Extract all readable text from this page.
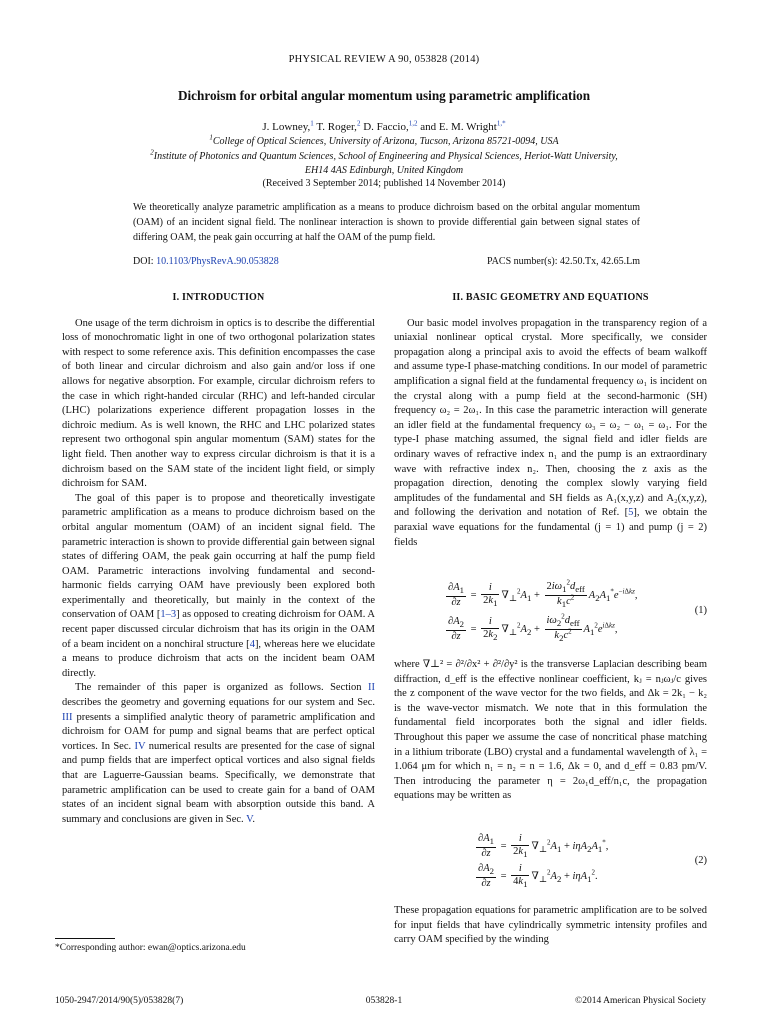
PHYSICAL REVIEW A 90, 053828 (2014)
Dichroism for orbital angular momentum using parametric amplification
J. Lowney,$^1$ T. Roger,$^2$ D. Faccio,$^{1,2}$ and E. M. Wright$^{1,*}$
$^1$College of Optical Sciences, University of Arizona, Tucson, Arizona 85721-0094, USA
$^2$Institute of Photonics and Quantum Sciences, School of Engineering and Physical Sciences, Heriot-Watt University,
EH14 4AS Edinburgh, United Kingdom
(Received 3 September 2014; published 14 November 2014)
We theoretically analyze parametric amplification as a means to produce dichroism based on the orbital angular momentum (OAM) of an incident signal field. The nonlinear interaction is shown to provide differential gain between signal states of differing OAM, the peak gain occurring at half the OAM of the pump field.
DOI: 10.1103/PhysRevA.90.053828	PACS number(s): 42.50.Tx, 42.65.Lm
I. INTRODUCTION

One usage of the term dichroism in optics is to describe the differential loss of monochromatic light in one of two orthogonal polarization states with respect to some reference axis. This definition encompasses the case of both linear and circular dichroism and also gain and/or loss if one allows for negative absorption. For example, circular dichroism refers to the case in which right-handed circular (RHC) and left-handed circular (LHC) polarizations experience different propagation losses in the dichroic medium. As is well known, the RHC and LHC polarized states represent two orthogonal spin angular momentum (SAM) states for the light field. Then another way to express circular dichroism is that it is a dichroism based on the SAM state of the incident light field, or simply dichroism for SAM.

The goal of this paper is to propose and theoretically investigate parametric amplification as a means to produce dichroism based on the orbital angular momentum (OAM) of an incident signal field. The parametric interaction is shown to provide differential gain between signal states of differing OAM, the peak gain occurring at half the pump field OAM. Parametric interactions involving fundamental and second-harmonic fields carrying OAM have previously been explored both experimentally and theoretically, but mainly in the context of the conservation of OAM [1–3] as opposed to creating dichroism for OAM. A recent paper discussed circular dichroism that has its origin in the OAM of a beam incident on a nonchiral structure [4], whereas here we elucidate a means to produce dichroism that acts on the incident beam OAM directly.

The remainder of this paper is organized as follows. Section II describes the geometry and governing equations for our system and Sec. III presents a simplified analytic theory of parametric amplification and dichroism for OAM for pump and signal beams that are perfect optical vortices. In Sec. IV numerical results are presented for the case of signal and pump fields that are imperfect optical vortices and also signal fields that are Laguerre-Gaussian beams. Specifically, we demonstrate that parametric amplification can be used to create gain for a band of OAM states of an incident signal beam with absorption outside this band. A summary and conclusions are given in Sec. V.

II. BASIC GEOMETRY AND EQUATIONS

Our basic model involves propagation in the transparency region of a uniaxial nonlinear optical crystal. More specifically, we consider propagation along a principal axis to avoid the effects of beam walkoff and assume type-I phase-matching conditions. In our model of parametric amplification a signal field at the fundamental frequency ω₁ is incident on the crystal along with a pump field at the second-harmonic (SH) frequency ω₂ = 2ω₁. In this case the parametric interaction will generate an idler field at the fundamental frequency ω₃ = ω₂ − ω₁ = ω₁. For the type-I phase matching assumed, the signal field and idler fields are ordinary waves of refractive index n₁ and the pump is an extraordinary wave with refractive index n₂. Then, choosing the z axis as the propagation direction, denoting the complex slowly varying field amplitudes of the fundamental and SH fields as A₁(x,y,z) and A₂(x,y,z), and following the derivation and notation of Ref. [5], we obtain the paraxial wave equations for the fundamental (j = 1) and pump (j = 2) fields

$\frac{\partial A_1}{\partial z} = \frac{i}{2k_1} \nabla_\perp^2A_1 + \frac{2i\omega_1^2d_{eff}}{k_1c^2} A_2A_1^*e^{-i\Delta kz}$,
$\frac{\partial A_2}{\partial z} = \frac{i}{2k_2} \nabla_\perp^2A_2 + \frac{i\omega_2^2d_{eff}}{k_2c^2} A_1^2e^{i\Delta kz}$,
(1)

where ∇⊥² = ∂²/∂x² + ∂²/∂y² is the transverse Laplacian describing beam diffraction, d_eff is the effective nonlinear coefficient, kⱼ = nⱼωⱼ/c gives the z component of the wave vector for the two fields, and Δk = 2k₁ − k₂ is the wave-vector mismatch. We note that in this formulation the fundamental field incorporates both the signal and idler fields. Throughout this paper we assume the case of noncritical phase matching in a lithium triborate (LBO) crystal and a fundamental wavelength of λ₁ = 1.064 μm for which n₁ = n₂ = n = 1.6, Δk = 0, and d_eff = 0.83 pm/V. Then introducing the parameter η = 2ω₁d_eff/n₁c, the propagation equations may be written as

$\frac{\partial A_1}{\partial z} = \frac{i}{2k_1} \nabla_\perp^2A_1 + i\eta A_2A_1^*$,
$\frac{\partial A_2}{\partial z} = \frac{i}{4k_1} \nabla_\perp^2A_2 + i\eta A_1^2$.
(2)

These propagation equations for parametric amplification are to be solved for input fields that have cylindrically symmetric intensity profiles and carry OAM specified by the winding

*Corresponding author: ewan@optics.arizona.edu
1050-2947/2014/90(5)/053828(7)	053828-1	©2014 American Physical Society
